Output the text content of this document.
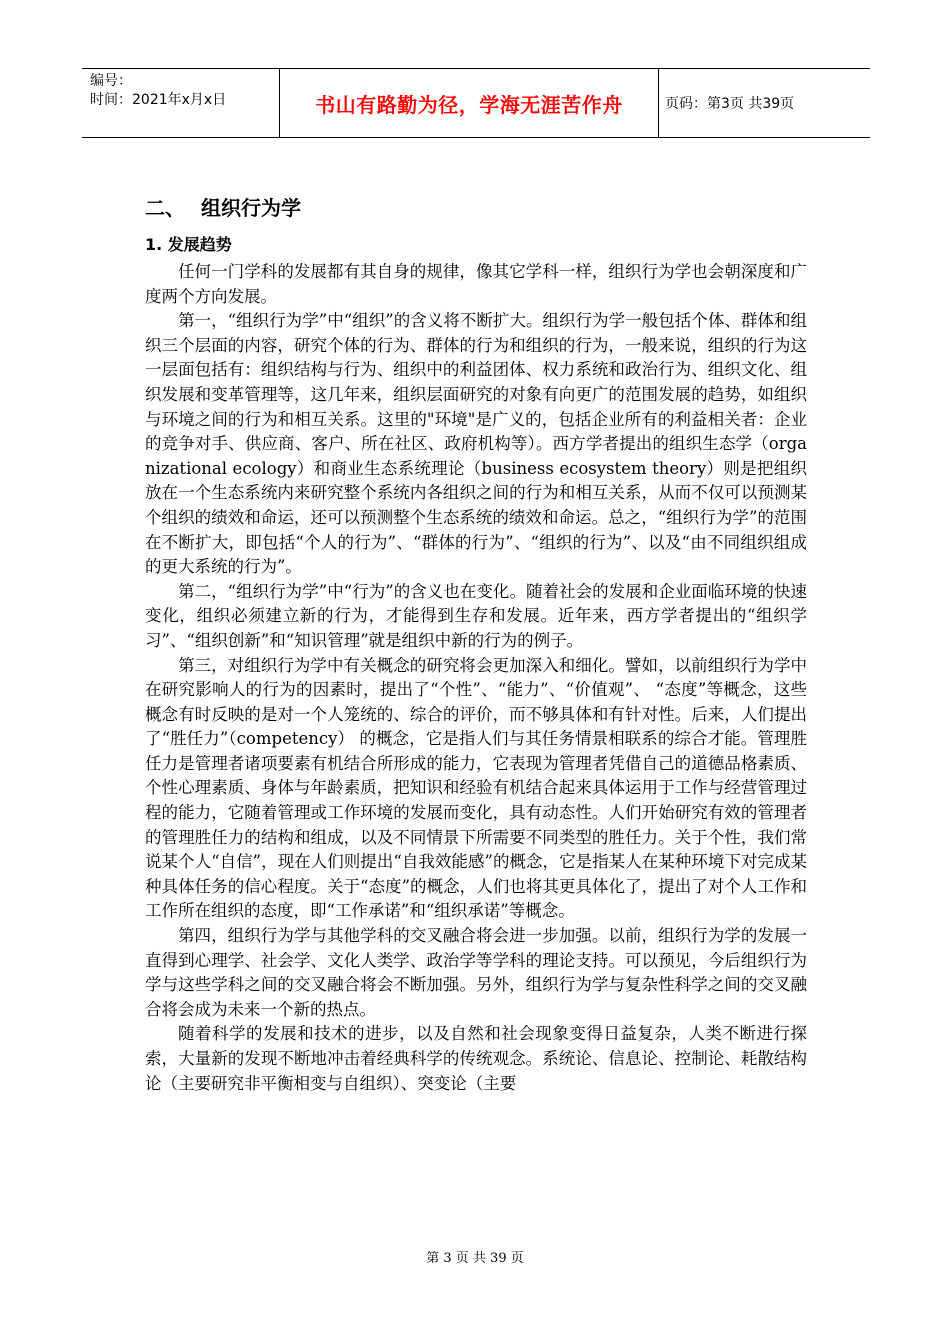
编号：
时间：2021年x月x日	书山有路勤为径，学海无涯苦作舟	页码：第3页 共39页
二、 组织行为学
1. 发展趋势

任何一门学科的发展都有其自身的规律，像其它学科一样，组织行为学也会朝深度和广度两个方向发展。

第一，“组织行为学”中“组织”的含义将不断扩大。组织行为学一般包括个体、群体和组织三个层面的内容，研究个体的行为、群体的行为和组织的行为，一般来说，组织的行为这一层面包括有：组织结构与行为、组织中的利益团体、权力系统和政治行为、组织文化、组织发展和变革管理等，这几年来，组织层面研究的对象有向更广的范围发展的趋势，如组织与环境之间的行为和相互关系。这里的"环境"是广义的，包括企业所有的利益相关者：企业的竞争对手、供应商、客户、所在社区、政府机构等）。西方学者提出的组织生态学（organizational ecology）和商业生态系统理论（business ecosystem theory）则是把组织放在一个生态系统内来研究整个系统内各组织之间的行为和相互关系，从而不仅可以预测某个组织的绩效和命运，还可以预测整个生态系统的绩效和命运。总之，“组织行为学”的范围在不断扩大，即包括“个人的行为”、“群体的行为”、“组织的行为”、以及“由不同组织组成的更大系统的行为”。

第二，“组织行为学”中“行为”的含义也在变化。随着社会的发展和企业面临环境的快速变化，组织必须建立新的行为，才能得到生存和发展。近年来，西方学者提出的“组织学习”、“组织创新”和“知识管理”就是组织中新的行为的例子。

第三，对组织行为学中有关概念的研究将会更加深入和细化。譬如，以前组织行为学中在研究影响人的行为的因素时，提出了“个性”、“能力”、“价值观”、 “态度”等概念，这些概念有时反映的是对一个人笼统的、综合的评价，而不够具体和有针对性。后来，人们提出了“胜任力”（competency） 的概念，它是指人们与其任务情景相联系的综合才能。管理胜任力是管理者诸项要素有机结合所形成的能力，它表现为管理者凭借自己的道德品格素质、个性心理素质、身体与年龄素质，把知识和经验有机结合起来具体运用于工作与经营管理过程的能力，它随着管理或工作环境的发展而变化，具有动态性。人们开始研究有效的管理者的管理胜任力的结构和组成，以及不同情景下所需要不同类型的胜任力。关于个性，我们常说某个人“自信”，现在人们则提出“自我效能感”的概念，它是指某人在某种环境下对完成某种具体任务的信心程度。关于“态度”的概念，人们也将其更具体化了，提出了对个人工作和工作所在组织的态度，即“工作承诺”和“组织承诺”等概念。

第四，组织行为学与其他学科的交叉融合将会进一步加强。以前，组织行为学的发展一直得到心理学、社会学、文化人类学、政治学等学科的理论支持。可以预见，今后组织行为学与这些学科之间的交叉融合将会不断加强。另外，组织行为学与复杂性科学之间的交叉融合将会成为未来一个新的热点。

随着科学的发展和技术的进步，以及自然和社会现象变得日益复杂，人类不断进行探索，大量新的发现不断地冲击着经典科学的传统观念。系统论、信息论、控制论、耗散结构论（主要研究非平衡相变与自组织）、突变论（主要

第 3 页 共 39 页
